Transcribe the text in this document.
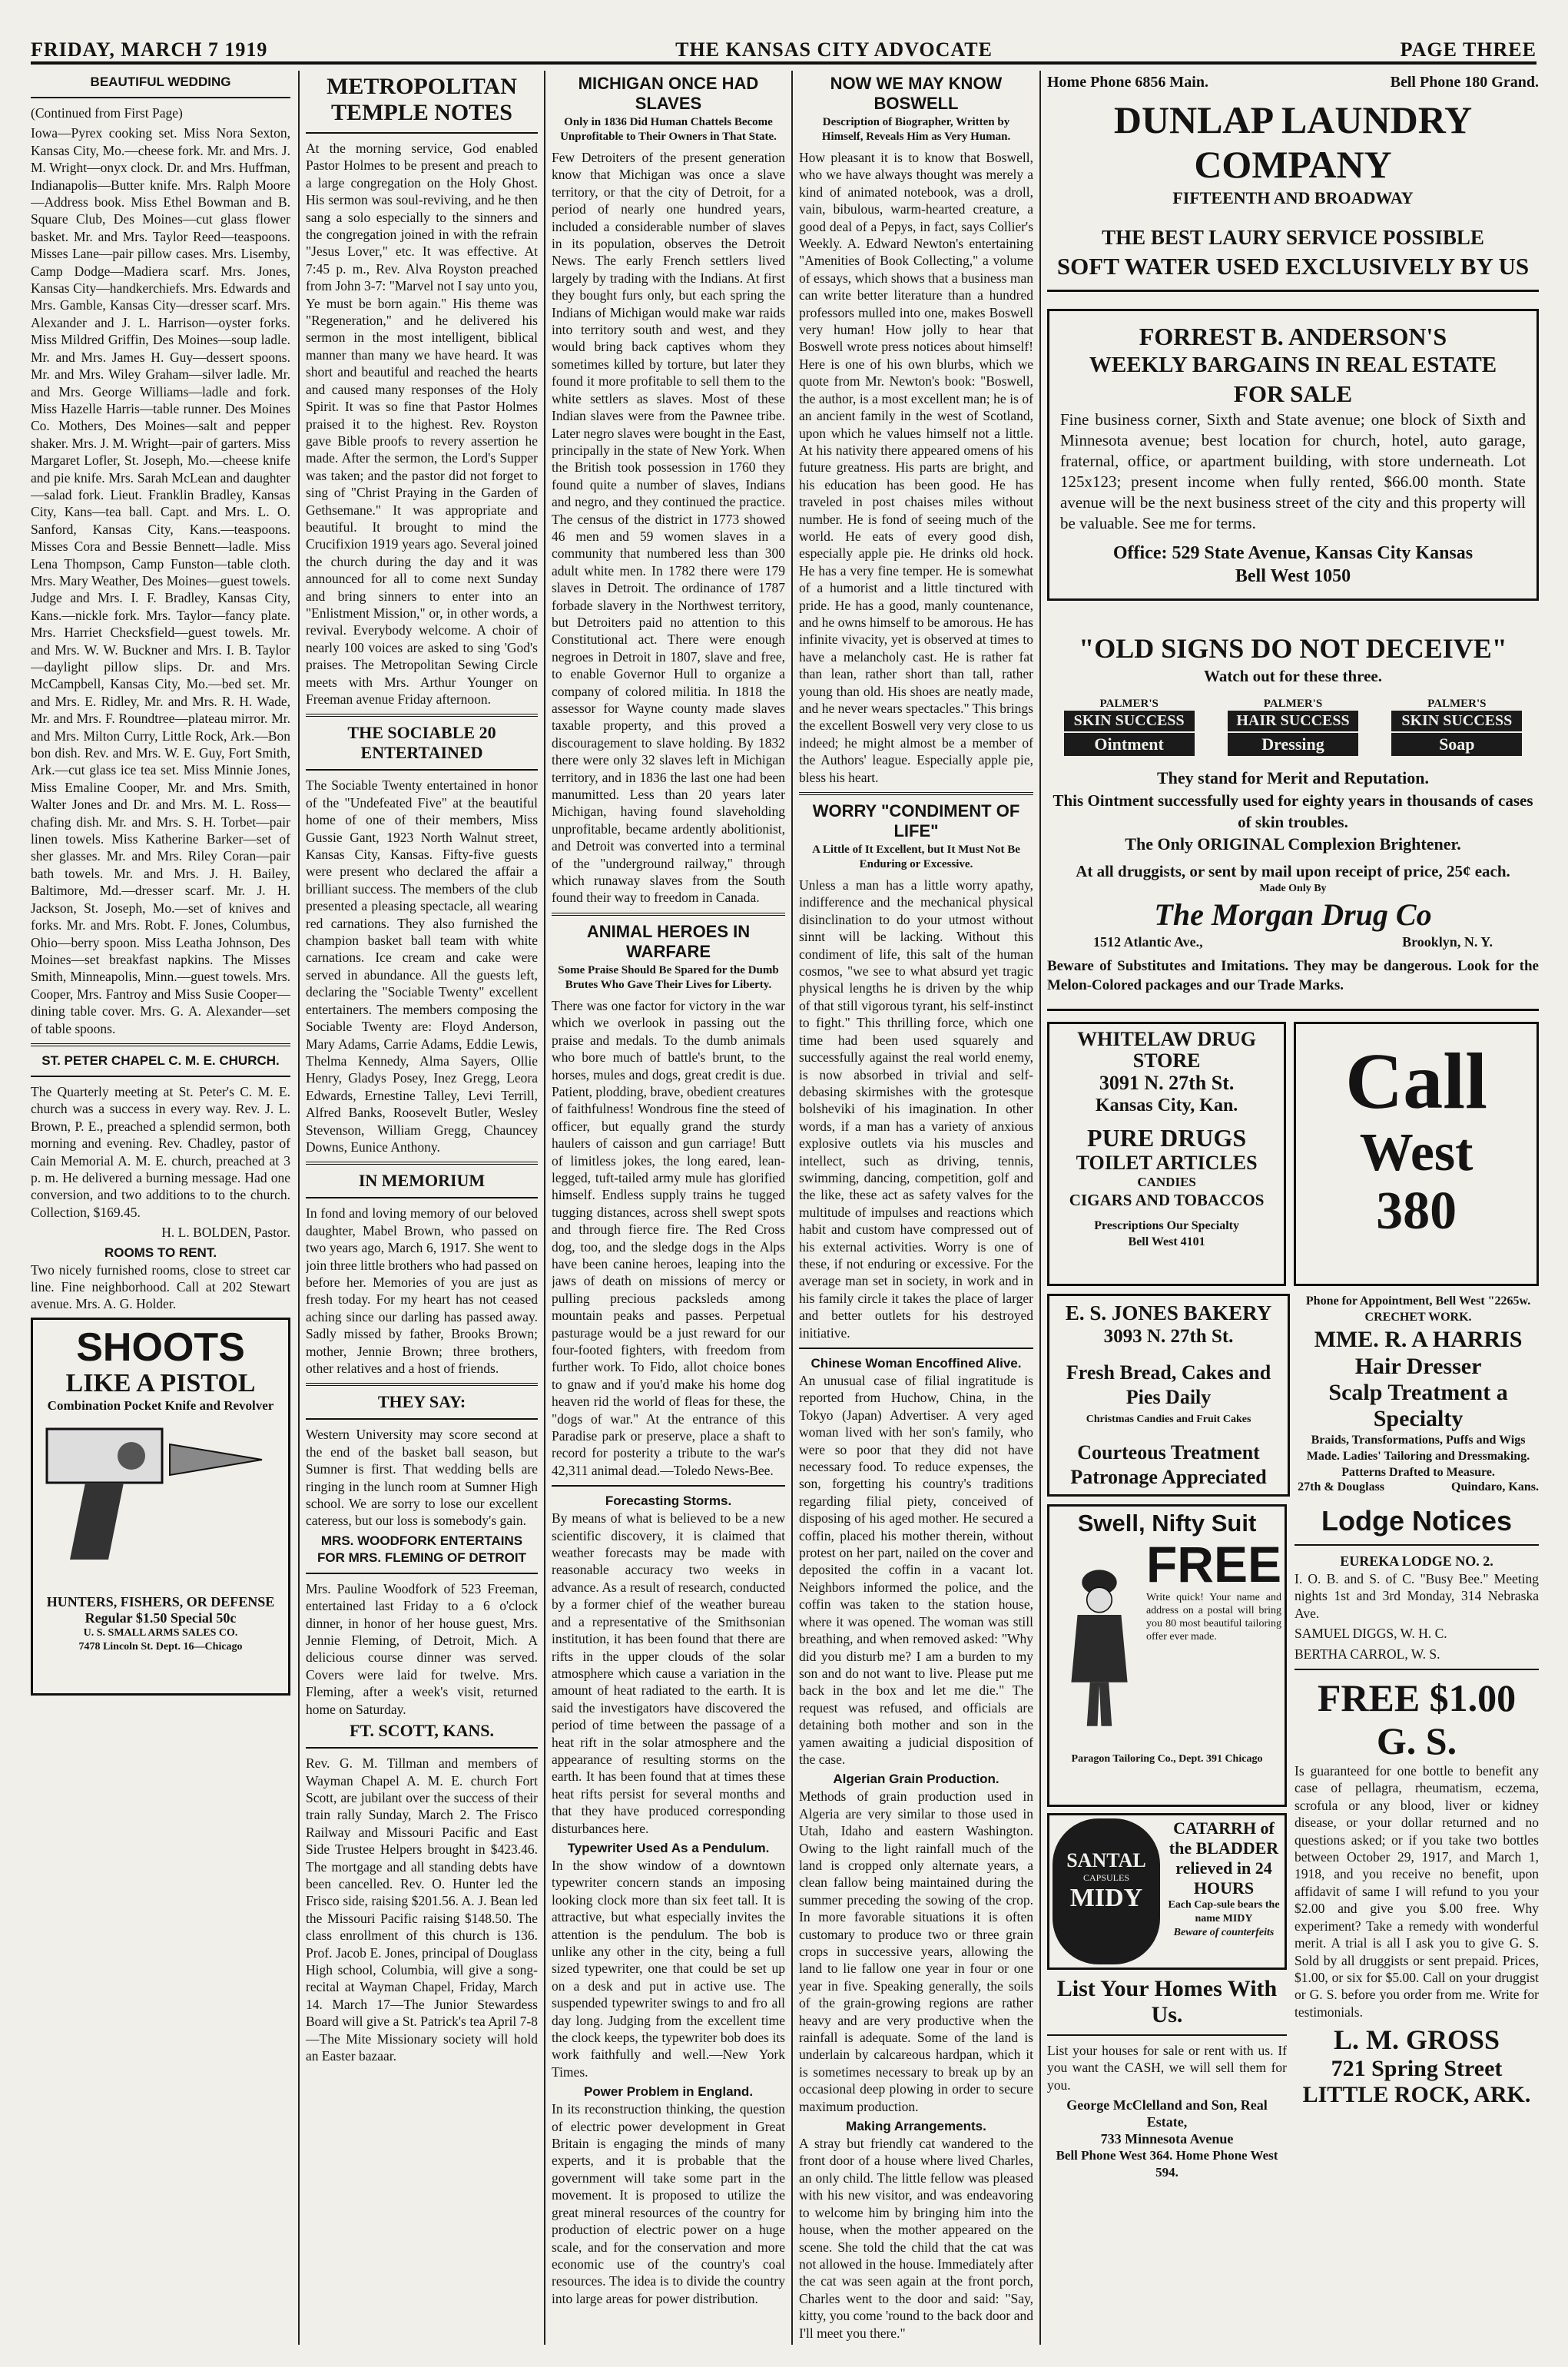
FRIDAY, MARCH 7 1919	THE KANSAS CITY ADVOCATE	PAGE THREE
BEAUTIFUL WEDDING

(Continued from First Page)

Iowa—Pyrex cooking set. Miss Nora Sexton, Kansas City, Mo.—cheese fork. Mr. and Mrs. J. M. Wright—onyx clock. Dr. and Mrs. Huffman, Indianapolis—Butter knife. Mrs. Ralph Moore—Address book. Miss Ethel Bowman and B. Square Club, Des Moines—cut glass flower basket. Mr. and Mrs. Taylor Reed—teaspoons. Misses Lane—pair pillow cases. Mrs. Lisemby, Camp Dodge—Madiera scarf. Mrs. Jones, Kansas City—handkerchiefs. Mrs. Edwards and Mrs. Gamble, Kansas City—dresser scarf. Mrs. Alexander and J. L. Harrison—oyster forks. Miss Mildred Griffin, Des Moines—soup ladle. Mr. and Mrs. James H. Guy—dessert spoons. Mr. and Mrs. Wiley Graham—silver ladle. Mr. and Mrs. George Williams—ladle and fork. Miss Hazelle Harris—table runner. Des Moines Co. Mothers, Des Moines—salt and pepper shaker. Mrs. J. M. Wright—pair of garters. Miss Margaret Lofler, St. Joseph, Mo.—cheese knife and pie knife. Mrs. Sarah McLean and daughter—salad fork. Lieut. Franklin Bradley, Kansas City, Kans—tea ball. Capt. and Mrs. L. O. Sanford, Kansas City, Kans.—teaspoons. Misses Cora and Bessie Bennett—ladle. Miss Lena Thompson, Camp Funston—table cloth. Mrs. Mary Weather, Des Moines—guest towels. Judge and Mrs. I. F. Bradley, Kansas City, Kans.—nickle fork. Mrs. Taylor—fancy plate. Mrs. Harriet Checksfield—guest towels. Mr. and Mrs. W. W. Buckner and Mrs. I. B. Taylor—daylight pillow slips. Dr. and Mrs. McCampbell, Kansas City, Mo.—bed set. Mr. and Mrs. E. Ridley, Mr. and Mrs. R. H. Wade, Mr. and Mrs. F. Roundtree—plateau mirror. Mr. and Mrs. Milton Curry, Little Rock, Ark.—Bon bon dish. Rev. and Mrs. W. E. Guy, Fort Smith, Ark.—cut glass ice tea set. Miss Minnie Jones, Miss Emaline Cooper, Mr. and Mrs. Smith, Walter Jones and Dr. and Mrs. M. L. Ross—chafing dish. Mr. and Mrs. S. H. Torbet—pair linen towels. Miss Katherine Barker—set of sher glasses. Mr. and Mrs. Riley Coran—pair bath towels. Mr. and Mrs. J. H. Bailey, Baltimore, Md.—dresser scarf. Mr. J. H. Jackson, St. Joseph, Mo.—set of knives and forks. Mr. and Mrs. Robt. F. Jones, Columbus, Ohio—berry spoon. Miss Leatha Johnson, Des Moines—set breakfast napkins. The Misses Smith, Minneapolis, Minn.—guest towels. Mrs. Cooper, Mrs. Fantroy and Miss Susie Cooper—dining table cover. Mrs. G. A. Alexander—set of table spoons.

ST. PETER CHAPEL C. M. E. CHURCH.

The Quarterly meeting at St. Peter's C. M. E. church was a success in every way. Rev. J. L. Brown, P. E., preached a splendid sermon, both morning and evening. Rev. Chadley, pastor of Cain Memorial A. M. E. church, preached at 3 p. m. He delivered a burning message. Had one conversion, and two additions to to the church. Collection, $169.45.

H. L. BOLDEN, Pastor.

ROOMS TO RENT.

Two nicely furnished rooms, close to street car line. Fine neighborhood. Call at 202 Stewart avenue. Mrs. A. G. Holder.

SHOOTS
LIKE A PISTOL
Combination Pocket Knife and Revolver
HUNTERS, FISHERS, OR DEFENSE
Regular $1.50 Special 50c
U. S. SMALL ARMS SALES CO.
7478 Lincoln St. Dept. 16—Chicago
METROPOLITAN TEMPLE NOTES

At the morning service, God enabled Pastor Holmes to be present and preach to a large congregation on the Holy Ghost. His sermon was soul-reviving, and he then sang a solo especially to the sinners and the congregation joined in with the refrain "Jesus Lover," etc. It was effective. At 7:45 p. m., Rev. Alva Royston preached from John 3-7: "Marvel not I say unto you, Ye must be born again." His theme was "Regeneration," and he delivered his sermon in the most intelligent, biblical manner than many we have heard. It was short and beautiful and reached the hearts and caused many responses of the Holy Spirit. It was so fine that Pastor Holmes praised it to the highest. Rev. Royston gave Bible proofs to revery assertion he made. After the sermon, the Lord's Supper was taken; and the pastor did not forget to sing of "Christ Praying in the Garden of Gethsemane." It was appropriate and beautiful. It brought to mind the Crucifixion 1919 years ago. Several joined the church during the day and it was announced for all to come next Sunday and bring sinners to enter into an "Enlistment Mission," or, in other words, a revival. Everybody welcome. A choir of nearly 100 voices are asked to sing 'God's praises. The Metropolitan Sewing Circle meets with Mrs. Arthur Younger on Freeman avenue Friday afternoon.

THE SOCIABLE 20 ENTERTAINED

The Sociable Twenty entertained in honor of the "Undefeated Five" at the beautiful home of one of their members, Miss Gussie Gant, 1923 North Walnut street, Kansas City, Kansas. Fifty-five guests were present who declared the affair a brilliant success. The members of the club presented a pleasing spectacle, all wearing red carnations. They also furnished the champion basket ball team with white carnations. Ice cream and cake were served in abundance. All the guests left, declaring the "Sociable Twenty" excellent entertainers. The members composing the Sociable Twenty are: Floyd Anderson, Mary Adams, Carrie Adams, Eddie Lewis, Thelma Kennedy, Alma Sayers, Ollie Henry, Gladys Posey, Inez Gregg, Leora Edwards, Ernestine Talley, Levi Terrill, Alfred Banks, Roosevelt Butler, Wesley Stevenson, William Gregg, Chauncey Downs, Eunice Anthony.

IN MEMORIUM

In fond and loving memory of our beloved daughter, Mabel Brown, who passed on two years ago, March 6, 1917. She went to join three little brothers who had passed on before her. Memories of you are just as fresh today. For my heart has not ceased aching since our darling has passed away. Sadly missed by father, Brooks Brown; mother, Jennie Brown; three brothers, other relatives and a host of friends.

THEY SAY:

Western University may score second at the end of the basket ball season, but Sumner is first. That wedding bells are ringing in the lunch room at Sumner High school. We are sorry to lose our excellent cateress, but our loss is somebody's gain.

MRS. WOODFORK ENTERTAINS FOR MRS. FLEMING OF DETROIT

Mrs. Pauline Woodfork of 523 Freeman, entertained last Friday to a 6 o'clock dinner, in honor of her house guest, Mrs. Jennie Fleming, of Detroit, Mich. A delicious course dinner was served. Covers were laid for twelve. Mrs. Fleming, after a week's visit, returned home on Saturday.

FT. SCOTT, KANS.

Rev. G. M. Tillman and members of Wayman Chapel A. M. E. church Fort Scott, are jubilant over the success of their train rally Sunday, March 2. The Frisco Railway and Missouri Pacific and East Side Trustee Helpers brought in $423.46. The mortgage and all standing debts have been cancelled. Rev. O. Hunter led the Frisco side, raising $201.56. A. J. Bean led the Missouri Pacific raising $148.50. The class enrollment of this church is 136. Prof. Jacob E. Jones, principal of Douglass High school, Columbia, will give a song-recital at Wayman Chapel, Friday, March 14. March 17—The Junior Stewardess Board will give a St. Patrick's tea April 7-8—The Mite Missionary society will hold an Easter bazaar.

MICHIGAN ONCE HAD SLAVES
Only in 1836 Did Human Chattels Become Unprofitable to Their Owners in That State.

Few Detroiters of the present generation know that Michigan was once a slave territory, or that the city of Detroit, for a period of nearly one hundred years, included a considerable number of slaves in its population, observes the Detroit News. The early French settlers lived largely by trading with the Indians. At first they bought furs only, but each spring the Indians of Michigan would make war raids into territory south and west, and they would bring back captives whom they sometimes killed by torture, but later they found it more profitable to sell them to the white settlers as slaves. Most of these Indian slaves were from the Pawnee tribe. Later negro slaves were bought in the East, principally in the state of New York. When the British took possession in 1760 they found quite a number of slaves, Indians and negro, and they continued the practice. The census of the district in 1773 showed 46 men and 59 women slaves in a community that numbered less than 300 adult white men. In 1782 there were 179 slaves in Detroit. The ordinance of 1787 forbade slavery in the Northwest territory, but Detroiters paid no attention to this Constitutional act. There were enough negroes in Detroit in 1807, slave and free, to enable Governor Hull to organize a company of colored militia. In 1818 the assessor for Wayne county made slaves taxable property, and this proved a discouragement to slave holding. By 1832 there were only 32 slaves left in Michigan territory, and in 1836 the last one had been manumitted. Less than 20 years later Michigan, having found slaveholding unprofitable, became ardently abolitionist, and Detroit was converted into a terminal of the "underground railway," through which runaway slaves from the South found their way to freedom in Canada.

ANIMAL HEROES IN WARFARE
Some Praise Should Be Spared for the Dumb Brutes Who Gave Their Lives for Liberty.

There was one factor for victory in the war which we overlook in passing out the praise and medals. To the dumb animals who bore much of battle's brunt, to the horses, mules and dogs, great credit is due. Patient, plodding, brave, obedient creatures of faithfulness! Wondrous fine the steed of officer, but equally grand the sturdy haulers of caisson and gun carriage! Butt of limitless jokes, the long eared, lean-legged, tuft-tailed army mule has glorified himself. Endless supply trains he tugged tugging distances, across shell swept spots and through fierce fire. The Red Cross dog, too, and the sledge dogs in the Alps have been canine heroes, leaping into the jaws of death on missions of mercy or pulling precious packsleds among mountain peaks and passes. Perpetual pasturage would be a just reward for our four-footed fighters, with freedom from further work. To Fido, allot choice bones to gnaw and if you'd make his home dog heaven rid the world of fleas for these, the "dogs of war." At the entrance of this Paradise park or preserve, place a shaft to record for posterity a tribute to the war's 42,311 animal dead.—Toledo News-Bee.

Forecasting Storms.

By means of what is believed to be a new scientific discovery, it is claimed that weather forecasts may be made with reasonable accuracy two weeks in advance. As a result of research, conducted by a former chief of the weather bureau and a representative of the Smithsonian institution, it has been found that there are rifts in the upper clouds of the solar atmosphere which cause a variation in the amount of heat radiated to the earth. It is said the investigators have discovered the period of time between the passage of a heat rift in the solar atmosphere and the appearance of resulting storms on the earth. It has been found that at times these heat rifts persist for several months and that they have produced corresponding disturbances here.

Typewriter Used As a Pendulum.

In the show window of a downtown typewriter concern stands an imposing looking clock more than six feet tall. It is attractive, but what especially invites the attention is the pendulum. The bob is unlike any other in the city, being a full sized typewriter, one that could be set up on a desk and put in active use. The suspended typewriter swings to and fro all day long. Judging from the excellent time the clock keeps, the typewriter bob does its work faithfully and well.—New York Times.

Power Problem in England.

In its reconstruction thinking, the question of electric power development in Great Britain is engaging the minds of many experts, and it is probable that the government will take some part in the movement. It is proposed to utilize the great mineral resources of the country for production of electric power on a huge scale, and for the conservation and more economic use of the country's coal resources. The idea is to divide the country into large areas for power distribution.

NOW WE MAY KNOW BOSWELL
Description of Biographer, Written by Himself, Reveals Him as Very Human.

How pleasant it is to know that Boswell, who we have always thought was merely a kind of animated notebook, was a droll, vain, bibulous, warm-hearted creature, a good deal of a Pepys, in fact, says Collier's Weekly. A. Edward Newton's entertaining "Amenities of Book Collecting," a volume of essays, which shows that a business man can write better literature than a hundred professors mulled into one, makes Boswell very human! How jolly to hear that Boswell wrote press notices about himself! Here is one of his own blurbs, which we quote from Mr. Newton's book: "Boswell, the author, is a most excellent man; he is of an ancient family in the west of Scotland, upon which he values himself not a little. At his nativity there appeared omens of his future greatness. His parts are bright, and his education has been good. He has traveled in post chaises miles without number. He is fond of seeing much of the world. He eats of every good dish, especially apple pie. He drinks old hock. He has a very fine temper. He is somewhat of a humorist and a little tinctured with pride. He has a good, manly countenance, and he owns himself to be amorous. He has infinite vivacity, yet is observed at times to have a melancholy cast. He is rather fat than lean, rather short than tall, rather young than old. His shoes are neatly made, and he never wears spectacles." This brings the excellent Boswell very very close to us indeed; he might almost be a member of the Authors' league. Especially apple pie, bless his heart.

WORRY "CONDIMENT OF LIFE"
A Little of It Excellent, but It Must Not Be Enduring or Excessive.

Unless a man has a little worry apathy, indifference and the mechanical physical disinclination to do your utmost without sinnt will be lacking. Without this condiment of life, this salt of the human cosmos, "we see to what absurd yet tragic physical lengths he is driven by the whip of that still vigorous tyrant, his self-instinct to fight." This thrilling force, which one time had been used squarely and successfully against the real world enemy, is now absorbed in trivial and self-debasing skirmishes with the grotesque bolsheviki of his imagination. In other words, if a man has a variety of anxious explosive outlets via his muscles and intellect, such as driving, tennis, swimming, dancing, competition, golf and the like, these act as safety valves for the multitude of impulses and reactions which habit and custom have compressed out of his external activities. Worry is one of these, if not enduring or excessive. For the average man set in society, in work and in his family circle it takes the place of larger and better outlets for his destroyed initiative.

Chinese Woman Encoffined Alive.

An unusual case of filial ingratitude is reported from Huchow, China, in the Tokyo (Japan) Advertiser. A very aged woman lived with her son's family, who were so poor that they did not have necessary food. To reduce expenses, the son, forgetting his country's traditions regarding filial piety, conceived of disposing of his aged mother. He secured a coffin, placed his mother therein, without protest on her part, nailed on the cover and deposited the coffin in a vacant lot. Neighbors informed the police, and the coffin was taken to the station house, where it was opened. The woman was still breathing, and when removed asked: "Why did you disturb me? I am a burden to my son and do not want to live. Please put me back in the box and let me die." The request was refused, and officials are detaining both mother and son in the yamen awaiting a judicial disposition of the case.

Algerian Grain Production.

Methods of grain production used in Algeria are very similar to those used in Utah, Idaho and eastern Washington. Owing to the light rainfall much of the land is cropped only alternate years, a clean fallow being maintained during the summer preceding the sowing of the crop. In more favorable situations it is often customary to produce two or three grain crops in successive years, allowing the land to lie fallow one year in four or one year in five. Speaking generally, the soils of the grain-growing regions are rather heavy and are very productive when the rainfall is adequate. Some of the land is underlain by calcareous hardpan, which it is sometimes necessary to break up by an occasional deep plowing in order to secure maximum production.

Making Arrangements.

A stray but friendly cat wandered to the front door of a house where lived Charles, an only child. The little fellow was pleased with his new visitor, and was endeavoring to welcome him by bringing him into the house, when the mother appeared on the scene. She told the child that the cat was not allowed in the house. Immediately after the cat was seen again at the front porch, Charles went to the door and said: "Say, kitty, you come 'round to the back door and I'll meet you there."

Home Phone 6856 Main.	Bell Phone 180 Grand.
DUNLAP LAUNDRY
COMPANY
FIFTEENTH AND BROADWAY
THE BEST LAURY SERVICE POSSIBLE
SOFT WATER USED EXCLUSIVELY BY US
FORREST B. ANDERSON'S
WEEKLY BARGAINS IN REAL ESTATE
FOR SALE

Fine business corner, Sixth and State avenue; one block of Sixth and Minnesota avenue; best location for church, hotel, auto garage, fraternal, office, or apartment building, with store underneath. Lot 125x123; present income when fully rented, $66.00 month. State avenue will be the next business street of the city and this property will be valuable. See me for terms.

Office: 529 State Avenue, Kansas City Kansas
Bell West 1050
"OLD SIGNS DO NOT DECEIVE"
Watch out for these three.
PALMER'S
SKIN SUCCESS
Ointment
PALMER'S
HAIR SUCCESS
Dressing
PALMER'S
SKIN SUCCESS
Soap
They stand for Merit and Reputation.
This Ointment successfully used for eighty years in thousands of cases of skin troubles.
The Only ORIGINAL Complexion Brightener.
At all druggists, or sent by mail upon receipt of price, 25¢ each.
Made Only By
The Morgan Drug Co
1512 Atlantic Ave.,	Brooklyn, N. Y.

Beware of Substitutes and Imitations. They may be dangerous. Look for the Melon-Colored packages and our Trade Marks.

WHITELAW DRUG STORE
3091 N. 27th St.
Kansas City, Kan.
PURE DRUGS
TOILET ARTICLES
CANDIES
CIGARS AND TOBACCOS
Prescriptions Our Specialty
Bell West 4101
Call
West
380
E. S. JONES BAKERY
3093 N. 27th St.
Fresh Bread, Cakes and Pies Daily
Christmas Candies and Fruit Cakes
Courteous Treatment Patronage Appreciated
Phone for Appointment, Bell West "2265w.
CRECHET WORK.
MME. R. A HARRIS
Hair Dresser
Scalp Treatment a Specialty
Braids, Transformations, Puffs and Wigs Made. Ladies' Tailoring and Dressmaking. Patterns Drafted to Measure.
27th & Douglass	Quindaro, Kans.
Swell, Nifty Suit
FREE

Write quick! Your name and address on a postal will bring you 80 most beautiful tailoring offer ever made.

Paragon Tailoring Co., Dept. 391 Chicago
SANTAL
CAPSULES
MIDY
CATARRH of the BLADDER relieved in 24 HOURS
Each Cap-sule bears the name MIDY
Beware of counterfeits
List Your Homes With Us.

List your houses for sale or rent with us. If you want the CASH, we will sell them for you.

George McClelland and Son, Real Estate,
733 Minnesota Avenue
Bell Phone West 364. Home Phone West 594.
Lodge Notices
EUREKA LODGE NO. 2.

I. O. B. and S. of C. "Busy Bee." Meeting nights 1st and 3rd Monday, 314 Nebraska Ave.

SAMUEL DIGGS, W. H. C.

BERTHA CARROL, W. S.

FREE $1.00
G. S.

Is guaranteed for one bottle to benefit any case of pellagra, rheumatism, eczema, scrofula or any blood, liver or kidney disease, or your dollar returned and no questions asked; or if you take two bottles between October 29, 1917, and March 1, 1918, and you receive no benefit, upon affidavit of same I will refund to you your $2.00 and give you $.00 free. Why experiment? Take a remedy with wonderful merit. A trial is all I ask you to give G. S. Sold by all druggists or sent prepaid. Prices, $1.00, or six for $5.00. Call on your druggist or G. S. before you order from me. Write for testimonials.

L. M. GROSS
721 Spring Street
LITTLE ROCK, ARK.
